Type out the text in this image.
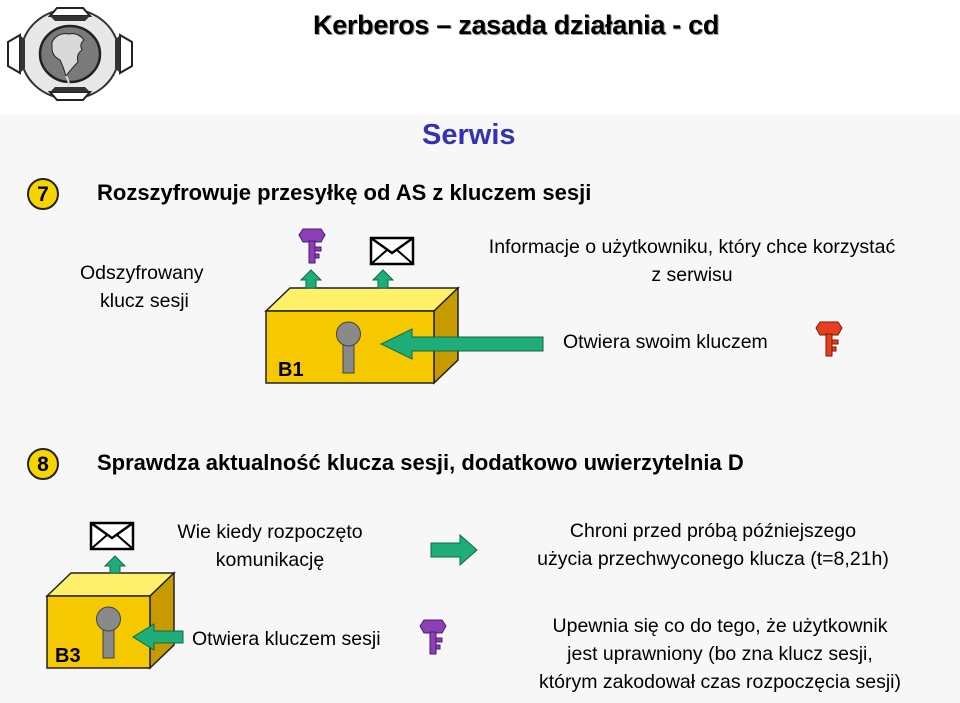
Kerberos – zasada działania - cd
Serwis
7	Rozszyfrowuje przesyłkę od AS z kluczem sesji
Odszyfrowany
klucz sesji
Informacje o użytkowniku, który chce korzystać
z serwisu
Otwiera swoim kluczem
8	Sprawdza aktualność klucza sesji, dodatkowo uwierzytelnia D
Wie kiedy rozpoczęto
komunikację
Chroni przed próbą późniejszego
użycia przechwyconego klucza (t=8,21h)
Otwiera kluczem sesji
Upewnia się co do tego, że użytkownik
jest uprawniony (bo zna klucz sesji,
którym zakodował czas rozpoczęcia sesji)
B1
B3
